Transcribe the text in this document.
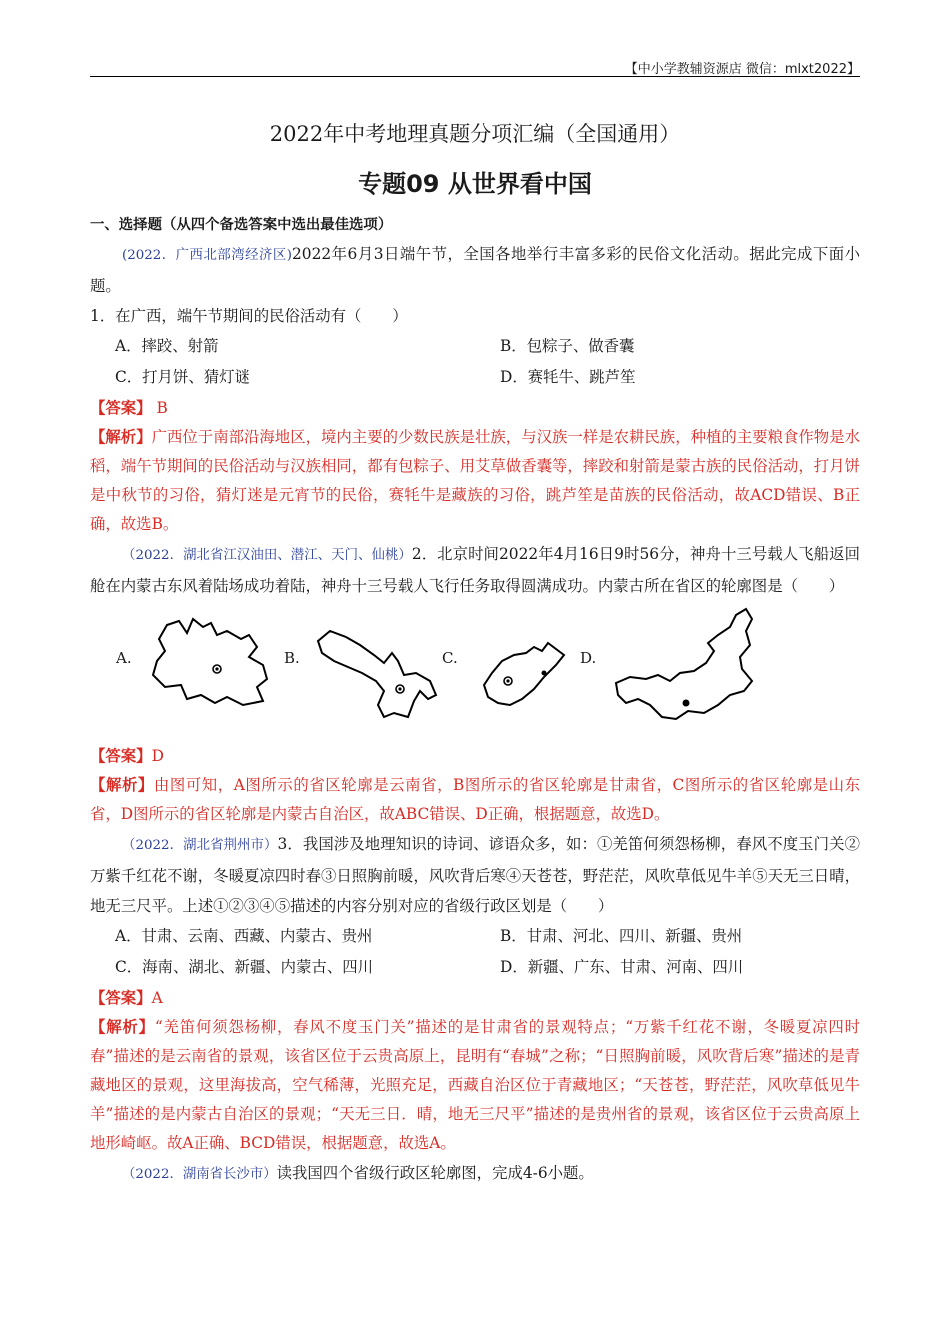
【中小学教辅资源店 微信：mlxt2022】
2022年中考地理真题分项汇编（全国通用）
专题09 从世界看中国
一、选择题（从四个备选答案中选出最佳选项）

(2022．广西北部湾经济区)2022年6月3日端午节，全国各地举行丰富多彩的民俗文化活动。据此完成下面小题。

1．在广西，端午节期间的民俗活动有（　　）

A．摔跤、射箭	B．包粽子、做香囊
C．打月饼、猜灯谜	D．赛牦牛、跳芦笙

【答案】 B

【解析】广西位于南部沿海地区，境内主要的少数民族是壮族，与汉族一样是农耕民族，种植的主要粮食作物是水稻，端午节期间的民俗活动与汉族相同，都有包粽子、用艾草做香囊等，摔跤和射箭是蒙古族的民俗活动，打月饼是中秋节的习俗，猜灯迷是元宵节的民俗，赛牦牛是藏族的习俗，跳芦笙是苗族的民俗活动，故ACD错误、B正确，故选B。

（2022．湖北省江汉油田、潜江、天门、仙桃）2．北京时间2022年4月16日9时56分，神舟十三号载人飞船返回舱在内蒙古东风着陆场成功着陆，神舟十三号载人飞行任务取得圆满成功。内蒙古所在省区的轮廓图是（　　）

A.	B.	C.	D.

【答案】D

【解析】由图可知，A图所示的省区轮廓是云南省，B图所示的省区轮廓是甘肃省，C图所示的省区轮廓是山东省，D图所示的省区轮廓是内蒙古自治区，故ABC错误、D正确，根据题意，故选D。

（2022．湖北省荆州市）3．我国涉及地理知识的诗词、谚语众多，如：①羌笛何须怨杨柳，春风不度玉门关②万紫千红花不谢，冬暖夏凉四时春③日照胸前暖，风吹背后寒④天苍苍，野茫茫，风吹草低见牛羊⑤天无三日晴，地无三尺平。上述①②③④⑤描述的内容分别对应的省级行政区划是（　　）

A．甘肃、云南、西藏、内蒙古、贵州	B．甘肃、河北、四川、新疆、贵州
C．海南、湖北、新疆、内蒙古、四川	D．新疆、广东、甘肃、河南、四川

【答案】A

【解析】“羌笛何须怨杨柳，春风不度玉门关”描述的是甘肃省的景观特点；“万紫千红花不谢，冬暖夏凉四时春”描述的是云南省的景观，该省区位于云贵高原上，昆明有“春城”之称；“日照胸前暖，风吹背后寒”描述的是青藏地区的景观，这里海拔高，空气稀薄，光照充足，西藏自治区位于青藏地区；“天苍苍，野茫茫，风吹草低见牛羊”描述的是内蒙古自治区的景观；“天无三日．晴，地无三尺平”描述的是贵州省的景观，该省区位于云贵高原上地形崎岖。故A正确、BCD错误，根据题意，故选A。

（2022．湖南省长沙市）读我国四个省级行政区轮廓图，完成4-6小题。
